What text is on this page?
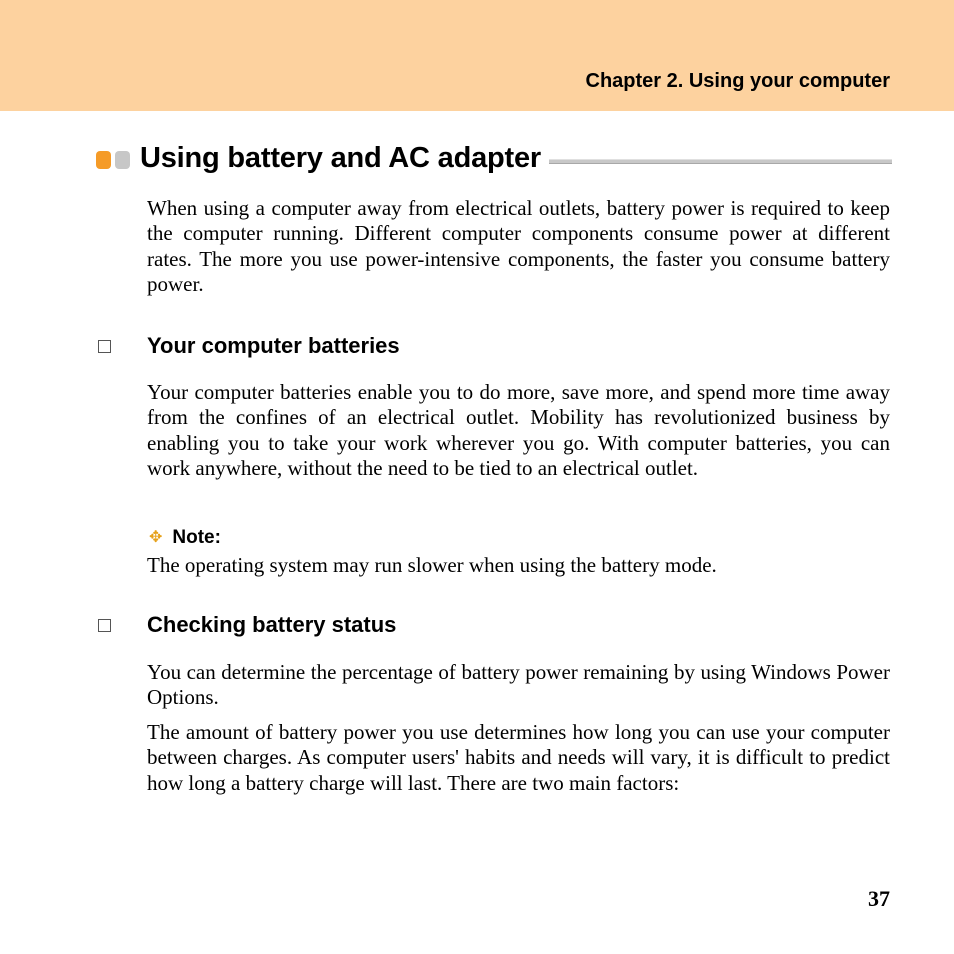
Chapter 2. Using your computer
Using battery and AC adapter

When using a computer away from electrical outlets, battery power is required to keep the computer running. Different computer components consume power at different rates. The more you use power-intensive components, the faster you consume battery power.

Your computer batteries

Your computer batteries enable you to do more, save more, and spend more time away from the confines of an electrical outlet. Mobility has revolutionized business by enabling you to take your work wherever you go. With computer batteries, you can work anywhere, without the need to be tied to an electrical outlet.

✥ Note:

The operating system may run slower when using the battery mode.

Checking battery status

You can determine the percentage of battery power remaining by using Windows Power Options.

The amount of battery power you use determines how long you can use your computer between charges. As computer users' habits and needs will vary, it is difficult to predict how long a battery charge will last. There are two main factors:

37
